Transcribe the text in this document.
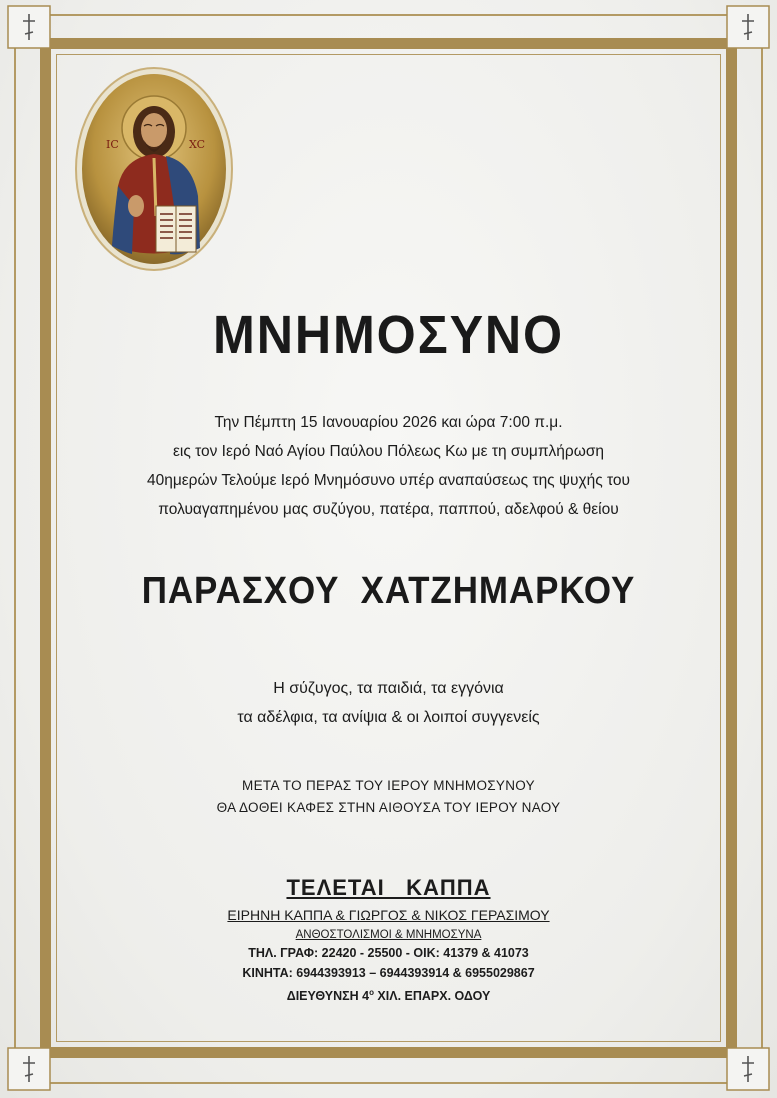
IC	XC
ΜΝΗΜΟΣΥΝΟ
Την Πέμπτη 15 Ιανουαρίου 2026 και ώρα 7:00 π.μ.
εις τον Ιερό Ναό Αγίου Παύλου Πόλεως Κω με τη συμπλήρωση
40ημερών Τελούμε Ιερό Μνημόσυνο υπέρ αναπαύσεως της ψυχής του
πολυαγαπημένου μας συζύγου, πατέρα, παππού, αδελφού & θείου
ΠΑΡΑΣΧΟΥ  ΧΑΤΖΗΜΑΡΚΟΥ
Η σύζυγος, τα παιδιά, τα εγγόνια
τα αδέλφια, τα ανίψια & οι λοιποί συγγενείς
ΜΕΤΑ ΤΟ ΠΕΡΑΣ ΤΟΥ ΙΕΡΟΥ ΜΝΗΜΟΣΥΝΟΥ
ΘΑ ΔΟΘΕΙ ΚΑΦΕΣ ΣΤΗΝ ΑΙΘΟΥΣΑ ΤΟΥ ΙΕΡΟΥ ΝΑΟΥ
ΤΕΛΕΤΑΙ   ΚΑΠΠΑ
ΕΙΡΗΝΗ ΚΑΠΠΑ & ΓΙΩΡΓΟΣ & ΝΙΚΟΣ ΓΕΡΑΣΙΜΟΥ
ΑΝΘΟΣΤΟΛΙΣΜΟΙ & ΜΝΗΜΟΣΥΝΑ
ΤΗΛ. ΓΡΑΦ: 22420 - 25500 - ΟΙΚ: 41379 & 41073
ΚΙΝΗΤΑ: 6944393913 – 6944393914 & 6955029867
ΔΙΕΥΘΥΝΣΗ $4^o$ ΧΙΛ. ΕΠΑΡΧ. ΟΔΟΥ
